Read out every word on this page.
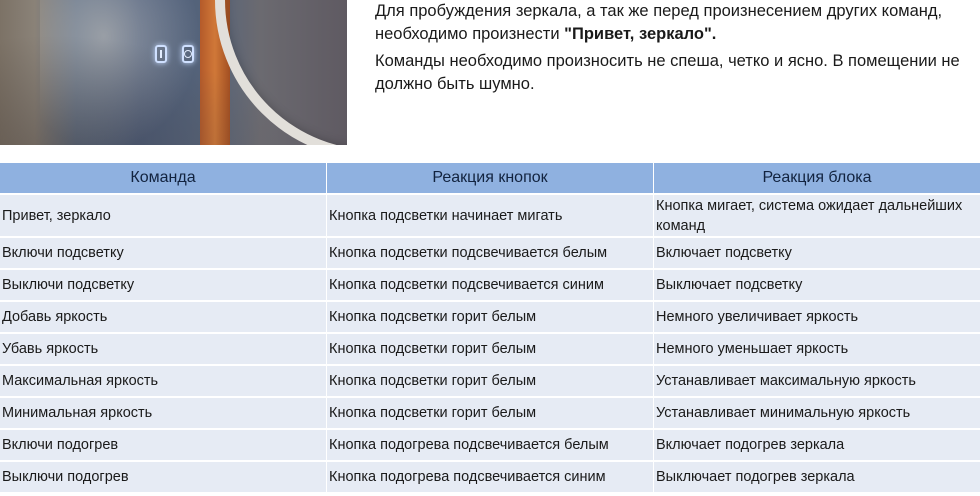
Для пробуждения зеркала, а так же перед произнесением других команд, необходимо произнести "Привет, зеркало".

Команды необходимо произносить не спеша, четко и ясно. В помещении не должно быть шумно.

Команда	Реакция кнопок	Реакция блока
Привет, зеркало	Кнопка подсветки начинает мигать	Кнопка мигает, система ожидает дальнейших команд
Включи подсветку	Кнопка подсветки подсвечивается белым	Включает подсветку
Выключи подсветку	Кнопка подсветки подсвечивается синим	Выключает подсветку
Добавь яркость	Кнопка подсветки горит белым	Немного увеличивает яркость
Убавь яркость	Кнопка подсветки горит белым	Немного уменьшает яркость
Максимальная яркость	Кнопка подсветки горит белым	Устанавливает максимальную яркость
Минимальная яркость	Кнопка подсветки горит белым	Устанавливает минимальную яркость
Включи подогрев	Кнопка подогрева подсвечивается белым	Включает подогрев зеркала
Выключи подогрев	Кнопка подогрева подсвечивается синим	Выключает подогрев зеркала
